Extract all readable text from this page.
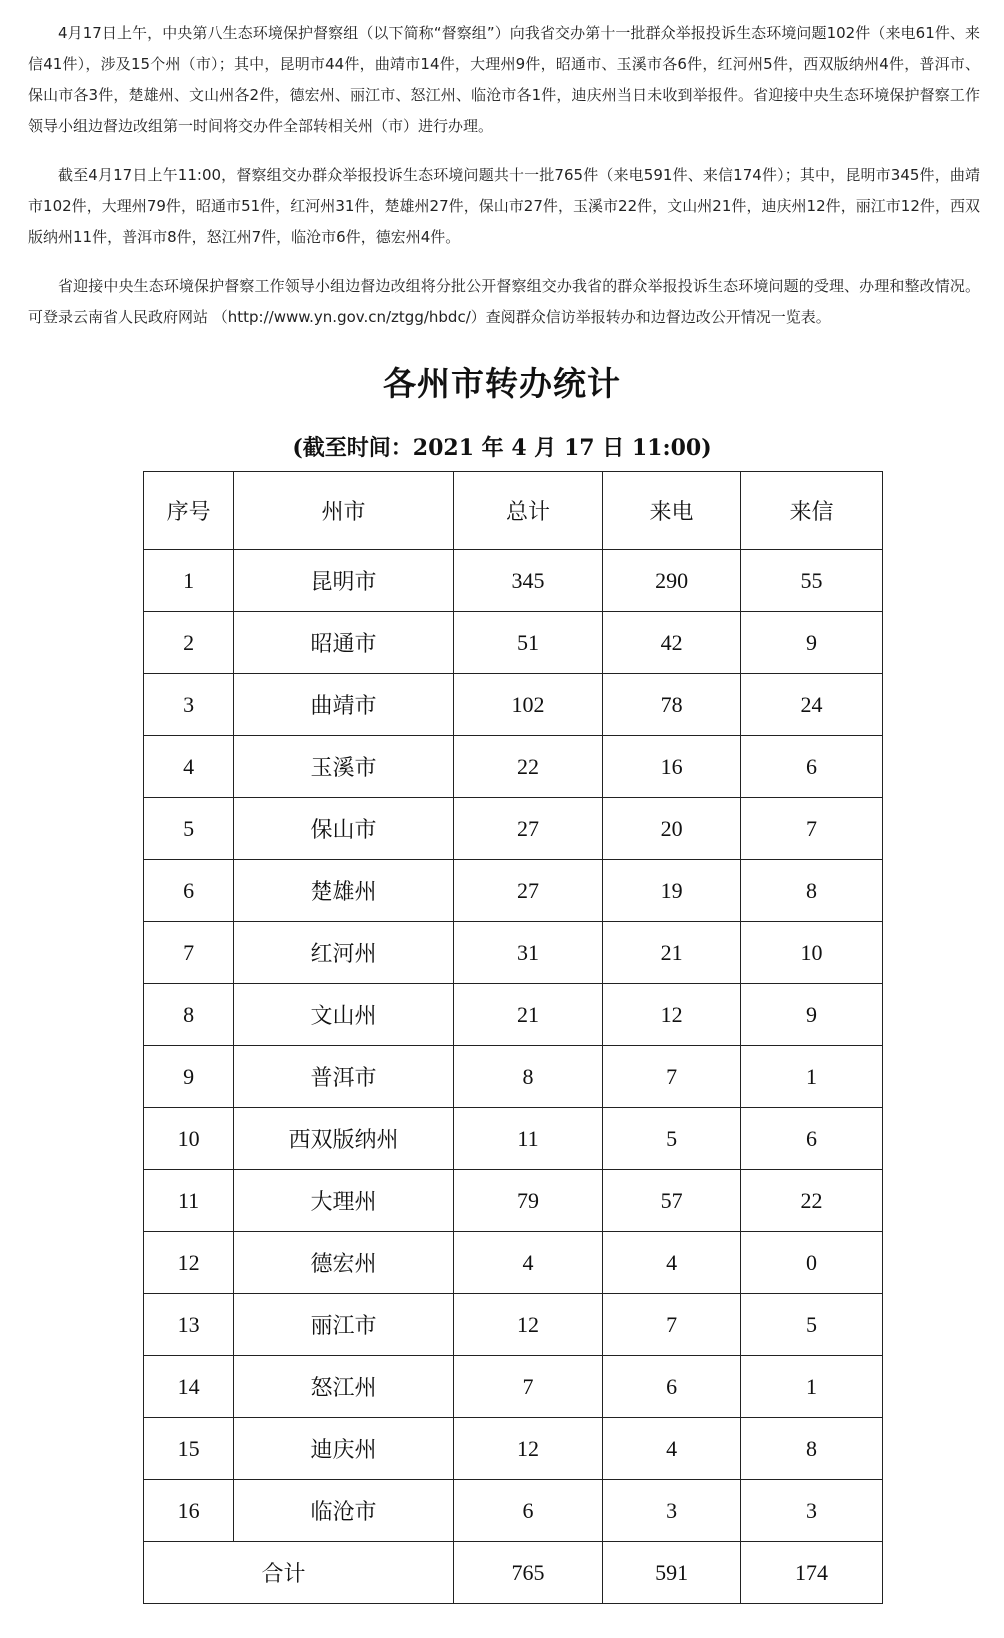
4月17日上午，中央第八生态环境保护督察组（以下简称“督察组”）向我省交办第十一批群众举报投诉生态环境问题102件（来电61件、来信41件），涉及15个州（市）；其中，昆明市44件，曲靖市14件，大理州9件，昭通市、玉溪市各6件，红河州5件，西双版纳州4件，普洱市、保山市各3件，楚雄州、文山州各2件，德宏州、丽江市、怒江州、临沧市各1件，迪庆州当日未收到举报件。省迎接中央生态环境保护督察工作领导小组边督边改组第一时间将交办件全部转相关州（市）进行办理。

截至4月17日上午11:00，督察组交办群众举报投诉生态环境问题共十一批765件（来电591件、来信174件）；其中，昆明市345件，曲靖市102件，大理州79件，昭通市51件，红河州31件，楚雄州27件，保山市27件，玉溪市22件，文山州21件，迪庆州12件，丽江市12件，西双版纳州11件，普洱市8件，怒江州7件，临沧市6件，德宏州4件。

省迎接中央生态环境保护督察工作领导小组边督边改组将分批公开督察组交办我省的群众举报投诉生态环境问题的受理、办理和整改情况。可登录云南省人民政府网站 （http://www.yn.gov.cn/ztgg/hbdc/）查阅群众信访举报转办和边督边改公开情况一览表。

各州市转办统计
(截至时间：2021 年 4 月 17 日 11:00)
序号	州市	总计	来电	来信
1	昆明市	345	290	55
2	昭通市	51	42	9
3	曲靖市	102	78	24
4	玉溪市	22	16	6
5	保山市	27	20	7
6	楚雄州	27	19	8
7	红河州	31	21	10
8	文山州	21	12	9
9	普洱市	8	7	1
10	西双版纳州	11	5	6
11	大理州	79	57	22
12	德宏州	4	4	0
13	丽江市	12	7	5
14	怒江州	7	6	1
15	迪庆州	12	4	8
16	临沧市	6	3	3
合计		765	591	174
